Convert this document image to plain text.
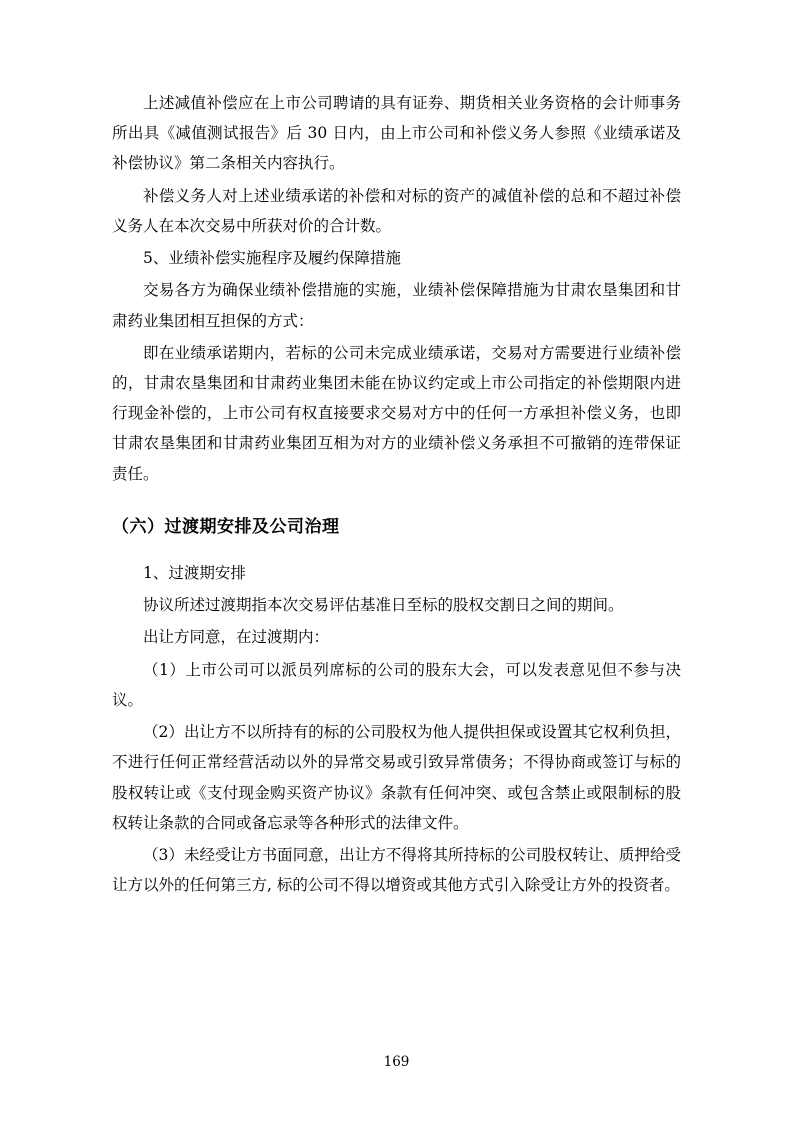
上述减值补偿应在上市公司聘请的具有证券、期货相关业务资格的会计师事务所出具《减值测试报告》后 30 日内，由上市公司和补偿义务人参照《业绩承诺及补偿协议》第二条相关内容执行。

补偿义务人对上述业绩承诺的补偿和对标的资产的减值补偿的总和不超过补偿义务人在本次交易中所获对价的合计数。

5、业绩补偿实施程序及履约保障措施

交易各方为确保业绩补偿措施的实施，业绩补偿保障措施为甘肃农垦集团和甘肃药业集团相互担保的方式：

即在业绩承诺期内，若标的公司未完成业绩承诺，交易对方需要进行业绩补偿的，甘肃农垦集团和甘肃药业集团未能在协议约定或上市公司指定的补偿期限内进行现金补偿的，上市公司有权直接要求交易对方中的任何一方承担补偿义务，也即甘肃农垦集团和甘肃药业集团互相为对方的业绩补偿义务承担不可撤销的连带保证责任。

（六）过渡期安排及公司治理

1、过渡期安排

协议所述过渡期指本次交易评估基准日至标的股权交割日之间的期间。

出让方同意，在过渡期内：

（1）上市公司可以派员列席标的公司的股东大会，可以发表意见但不参与决议。

（2）出让方不以所持有的标的公司股权为他人提供担保或设置其它权利负担，不进行任何正常经营活动以外的异常交易或引致异常债务；不得协商或签订与标的股权转让或《支付现金购买资产协议》条款有任何冲突、或包含禁止或限制标的股权转让条款的合同或备忘录等各种形式的法律文件。

（3）未经受让方书面同意，出让方不得将其所持标的公司股权转让、质押给受让方以外的任何第三方, 标的公司不得以增资或其他方式引入除受让方外的投资者。

169
